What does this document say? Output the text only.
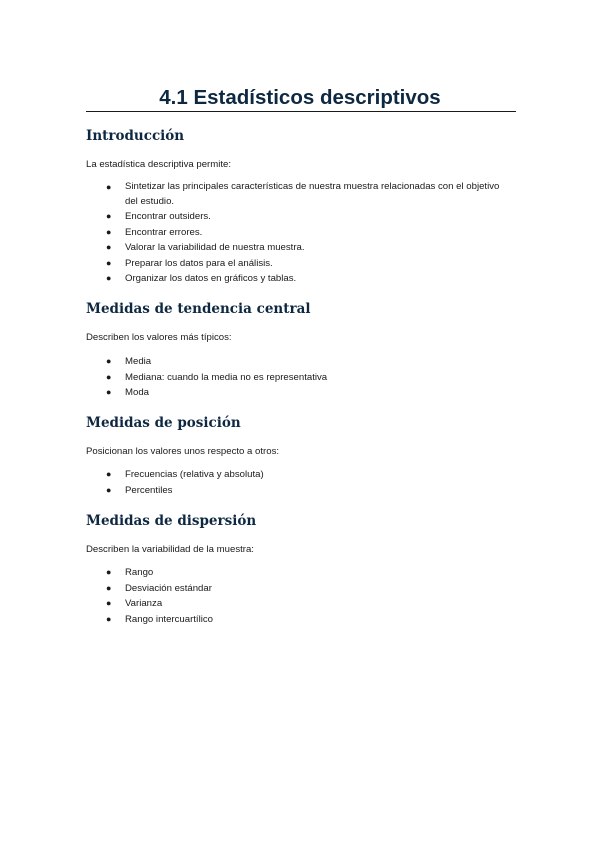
4.1 Estadísticos descriptivos
Introducción

La estadística descriptiva permite:

● Sintetizar las principales características de nuestra muestra relacionadas con el objetivo del estudio.
● Encontrar outsiders.
● Encontrar errores.
● Valorar la variabilidad de nuestra muestra.
● Preparar los datos para el análisis.
● Organizar los datos en gráficos y tablas.
Medidas de tendencia central

Describen los valores más típicos:

● Media
● Mediana: cuando la media no es representativa
● Moda
Medidas de posición

Posicionan los valores unos respecto a otros:

● Frecuencias (relativa y absoluta)
● Percentiles
Medidas de dispersión

Describen la variabilidad de la muestra:

● Rango
● Desviación estándar
● Varianza
● Rango intercuartílico
